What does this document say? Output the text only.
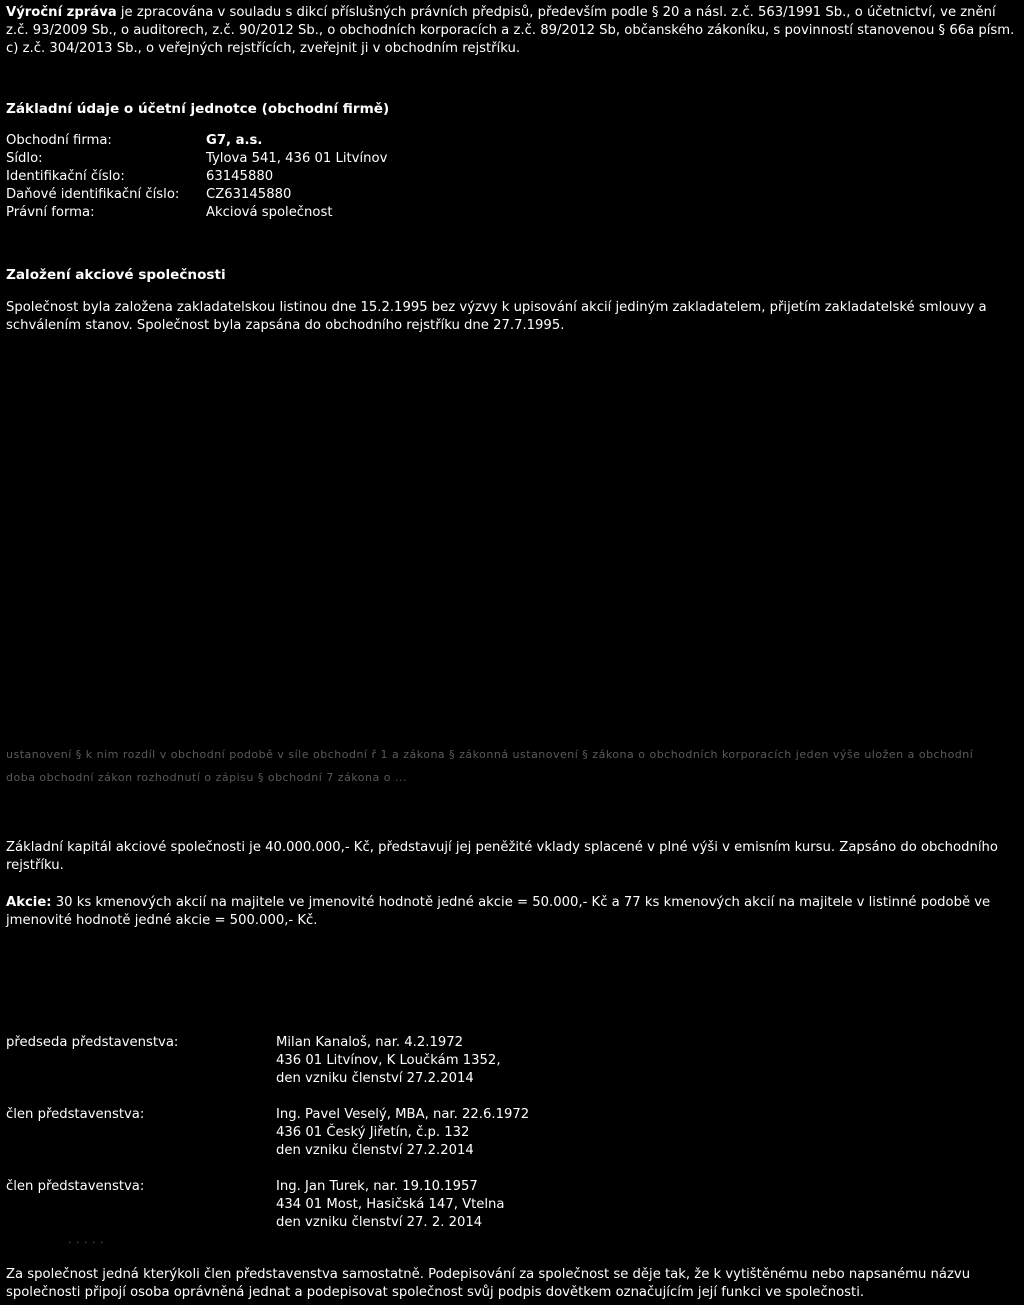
Výroční zpráva je zpracována v souladu s dikcí příslušných právních předpisů, především podle § 20 a násl. z.č. 563/1991 Sb., o účetnictví, ve znění z.č. 93/2009 Sb., o auditorech, z.č. 90/2012 Sb., o obchodních korporacích a z.č. 89/2012 Sb, občanského zákoníku, s povinností stanovenou § 66a písm. c) z.č. 304/2013 Sb., o veřejných rejstřících, zveřejnit ji v obchodním rejstříku.

Základní údaje o účetní jednotce (obchodní firmě)
Obchodní firma:	G7, a.s.
Sídlo:	Tylova 541, 436 01 Litvínov
Identifikační číslo:	63145880
Daňové identifikační číslo:	CZ63145880
Právní forma:	Akciová společnost
Založení akciové společnosti

Společnost byla založena zakladatelskou listinou dne 15.2.1995 bez výzvy k upisování akcií jediným zakladatelem, přijetím zakladatelské smlouvy a schválením stanov. Společnost byla zapsána do obchodního rejstříku dne 27.7.1995.

ustanovení § k nim rozdíl v obchodní podobě v síle obchodní ř 1 a zákona § zákonná ustanovení § zákona o obchodních korporacích jeden výše uložen a obchodní
doba obchodní zákon rozhodnutí o zápisu § obchodní 7 zákona o ...

Základní kapitál akciové společnosti je 40.000.000,- Kč, představují jej peněžité vklady splacené v plné výši v emisním kursu. Zapsáno do obchodního rejstříku.

Akcie: 30 ks kmenových akcií na majitele ve jmenovité hodnotě jedné akcie = 50.000,- Kč a 77 ks kmenových akcií na majitele v listinné podobě ve jmenovité hodnotě jedné akcie = 500.000,- Kč.

předseda představenstva:	Milan Kanaloš, nar. 4.2.1972
436 01 Litvínov, K Loučkám 1352,
den vzniku členství 27.2.2014
člen představenstva:	Ing. Pavel Veselý, MBA, nar. 22.6.1972
436 01 Český Jiřetín, č.p. 132
den vzniku členství 27.2.2014
člen představenstva:	Ing. Jan Turek, nar. 19.10.1957
434 01 Most, Hasičská 147, Vtelna
den vzniku členství 27. 2. 2014
. . . . .

Za společnost jedná kterýkoli člen představenstva samostatně. Podepisování za společnost se děje tak, že k vytištěnému nebo napsanému názvu společnosti připojí osoba oprávněná jednat a podepisovat společnost svůj podpis dovětkem označujícím její funkci ve společnosti.
